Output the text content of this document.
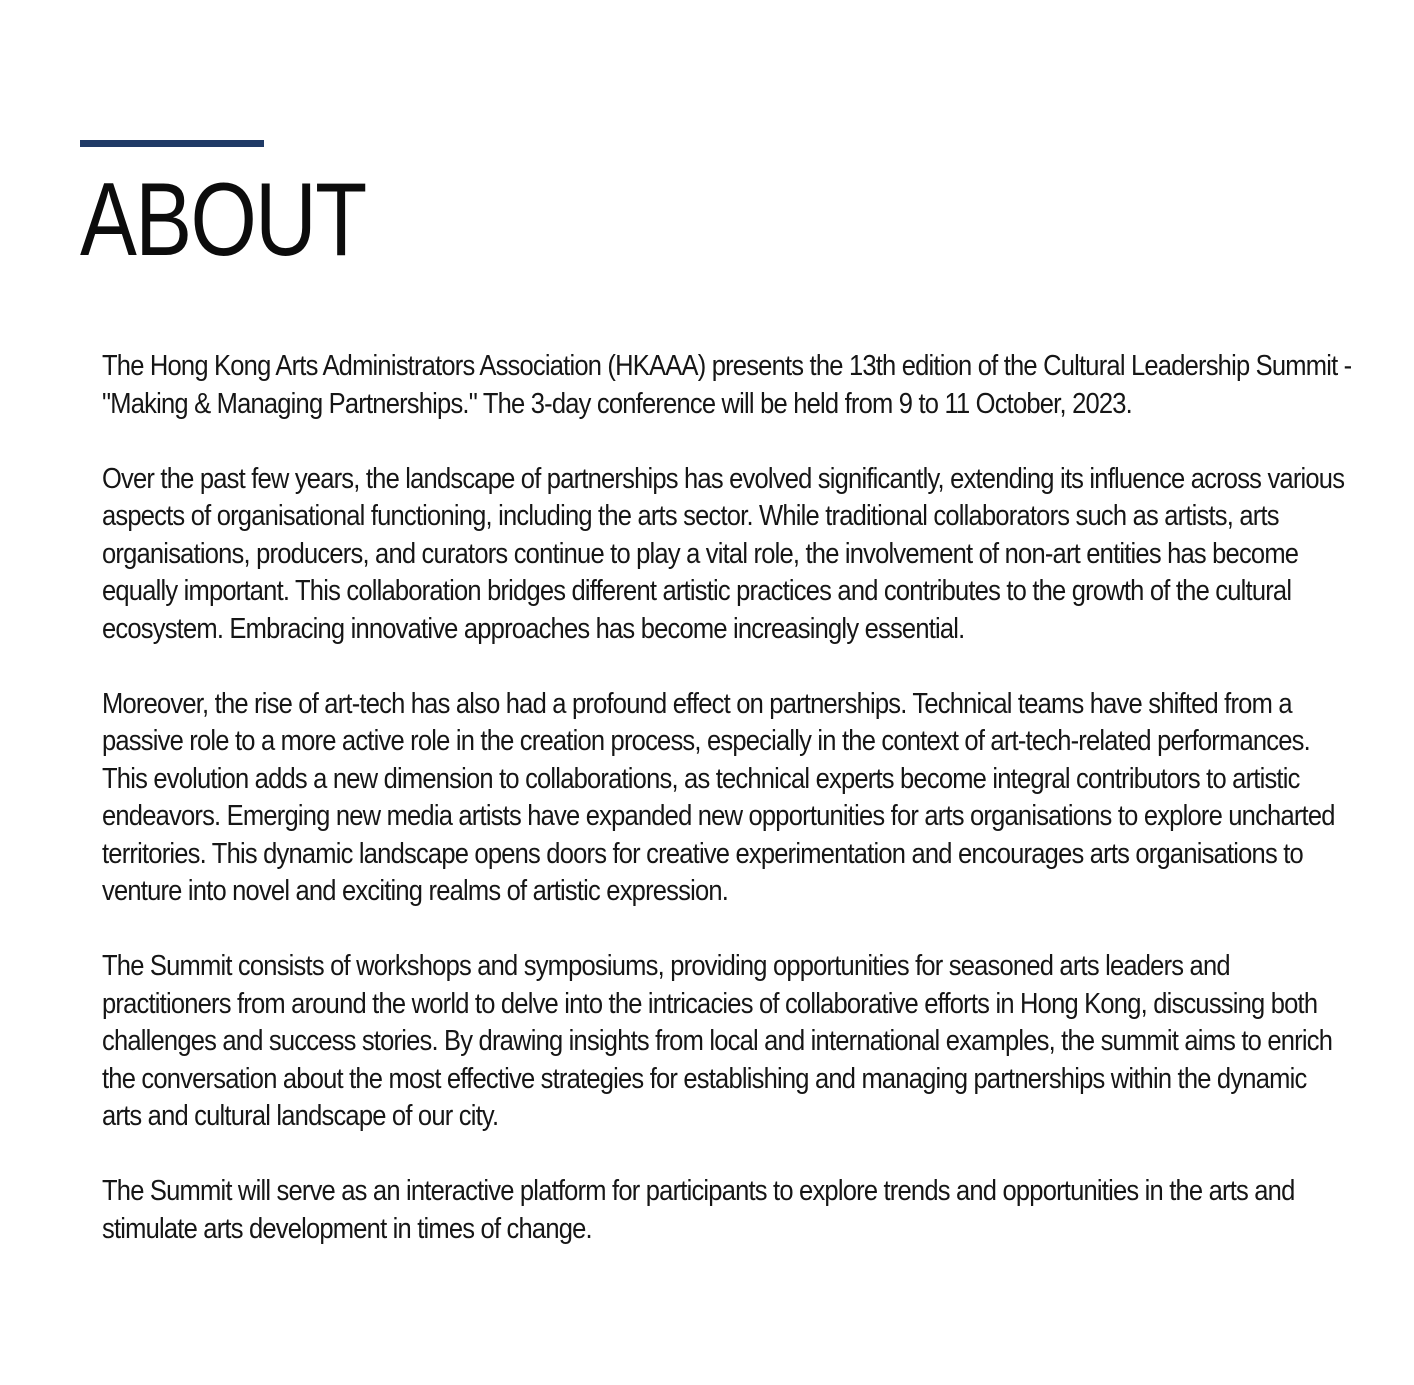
ABOUT

The Hong Kong Arts Administrators Association (HKAAA) presents the 13th edition of the Cultural Leadership Summit - "Making & Managing Partnerships." The 3-day conference will be held from 9 to 11 October, 2023.

Over the past few years, the landscape of partnerships has evolved significantly, extending its influence across various aspects of organisational functioning, including the arts sector. While traditional collaborators such as artists, arts organisations, producers, and curators continue to play a vital role, the involvement of non-art entities has become equally important. This collaboration bridges different artistic practices and contributes to the growth of the cultural ecosystem. Embracing innovative approaches has become increasingly essential.

Moreover, the rise of art-tech has also had a profound effect on partnerships. Technical teams have shifted from a passive role to a more active role in the creation process, especially in the context of art-tech-related performances. This evolution adds a new dimension to collaborations, as technical experts become integral contributors to artistic endeavors. Emerging new media artists have expanded new opportunities for arts organisations to explore uncharted territories. This dynamic landscape opens doors for creative experimentation and encourages arts organisations to venture into novel and exciting realms of artistic expression.

The Summit consists of workshops and symposiums, providing opportunities for seasoned arts leaders and practitioners from around the world to delve into the intricacies of collaborative efforts in Hong Kong, discussing both challenges and success stories. By drawing insights from local and international examples, the summit aims to enrich the conversation about the most effective strategies for establishing and managing partnerships within the dynamic arts and cultural landscape of our city.

The Summit will serve as an interactive platform for participants to explore trends and opportunities in the arts and stimulate arts development in times of change.
